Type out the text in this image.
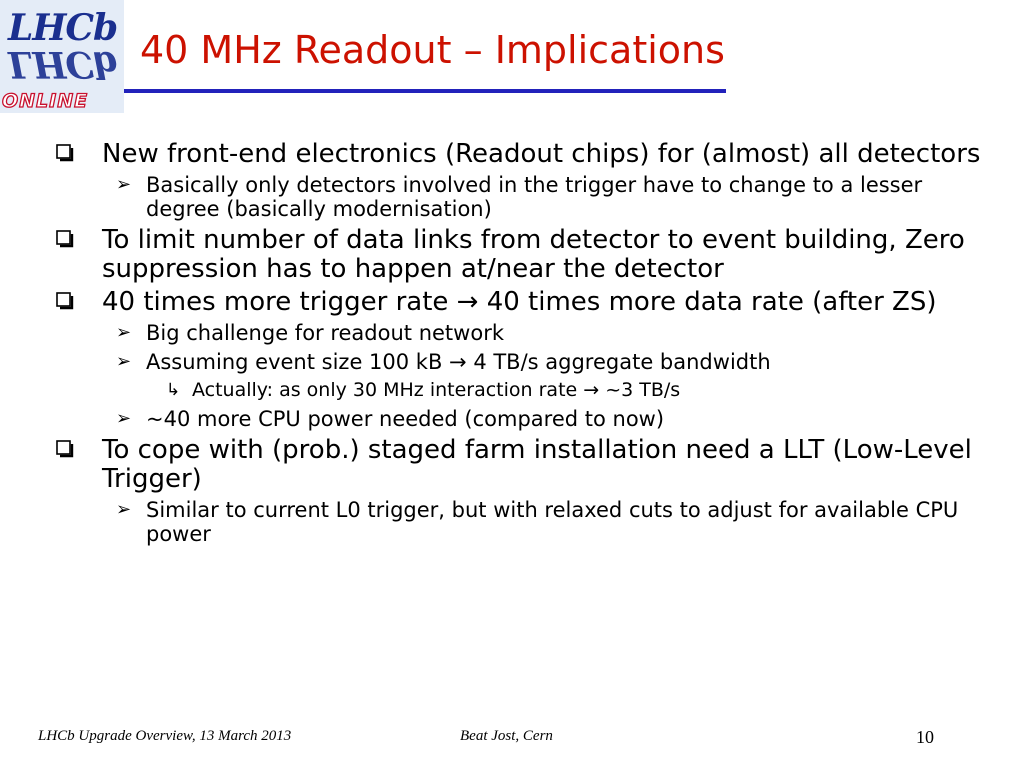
LHCb
LHCb
ONLINE
40 MHz Readout – Implications
New front-end electronics (Readout chips) for (almost) all detectors
➢ Basically only detectors involved in the trigger have to change to a lesser degree (basically modernisation)
To limit number of data links from detector to event building, Zero suppression has to happen at/near the detector
40 times more trigger rate → 40 times more data rate (after ZS)
➢ Big challenge for readout network
➢ Assuming event size 100 kB → 4 TB/s aggregate bandwidth
↳ Actually: as only 30 MHz interaction rate → ~3 TB/s
➢ ~40 more CPU power needed (compared to now)
To cope with (prob.) staged farm installation need a LLT (Low-Level Trigger)
➢ Similar to current L0 trigger, but with relaxed cuts to adjust for available CPU power
LHCb Upgrade Overview, 13 March 2013	Beat Jost, Cern	10
